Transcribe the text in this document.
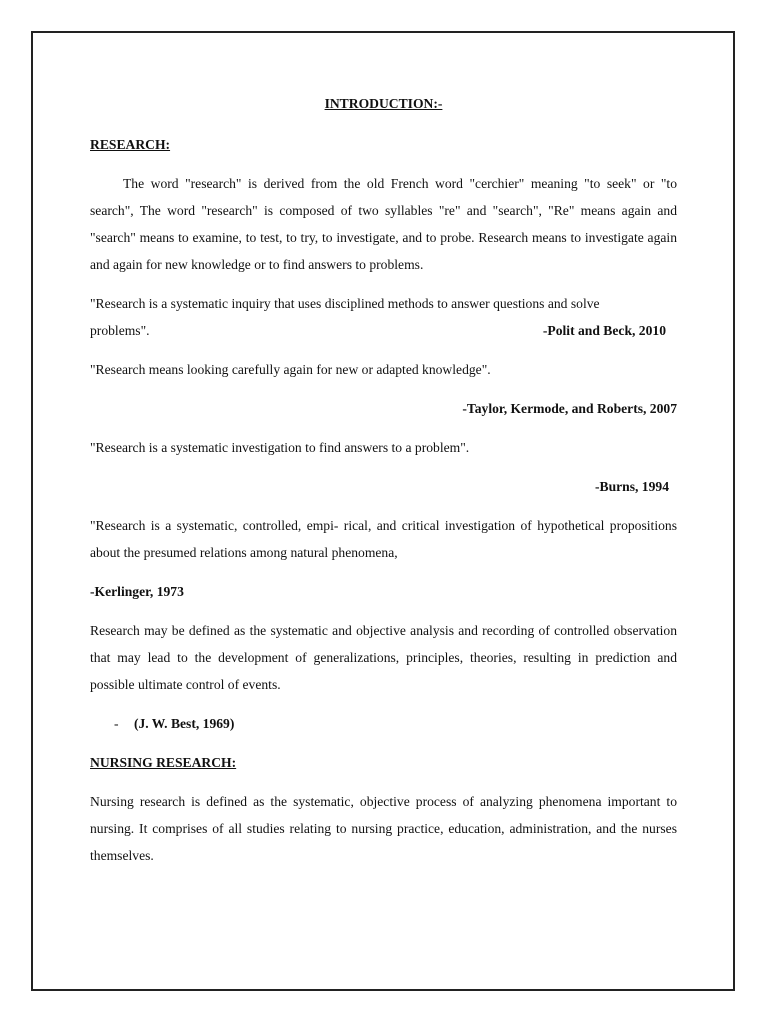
INTRODUCTION:-

RESEARCH:

The word "research" is derived from the old French word "cerchier" meaning "to seek" or "to search", The word "research" is composed of two syllables "re" and "search", "Re" means again and "search" means to examine, to test, to try, to investigate, and to probe. Research means to investigate again and again for new knowledge or to find answers to problems.

"Research is a systematic inquiry that uses disciplined methods to answer questions and solve
problems".	-Polit and Beck, 2010

"Research means looking carefully again for new or adapted knowledge".

-Taylor, Kermode, and Roberts, 2007

"Research is a systematic investigation to find answers to a problem".

-Burns, 1994

"Research is a systematic, controlled, empi- rical, and critical investigation of hypothetical propositions about the presumed relations among natural phenomena,

-Kerlinger, 1973

Research may be defined as the systematic and objective analysis and recording of controlled observation that may lead to the development of generalizations, principles, theories, resulting in prediction and possible ultimate control of events.

- (J. W. Best, 1969)

NURSING RESEARCH:

Nursing research is defined as the systematic, objective process of analyzing phenomena important to nursing. It comprises of all studies relating to nursing practice, education, administration, and the nurses themselves.
